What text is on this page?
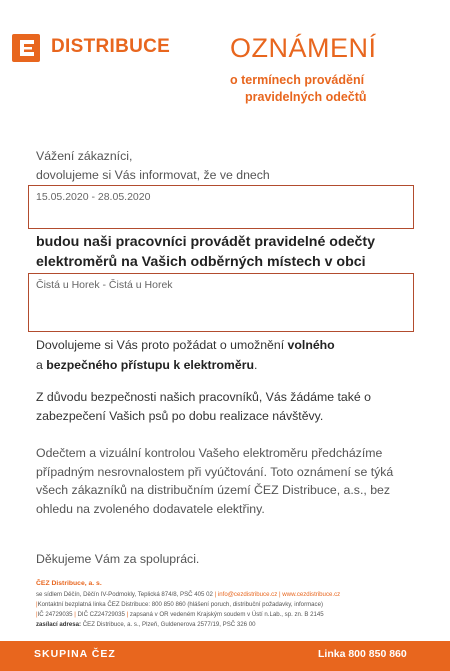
DISTRIBUCE OZNÁMENÍ
o termínech provádění
pravidelných odečtů
Vážení zákazníci,
dovolujeme si Vás informovat, že ve dnech
15.05.2020 - 28.05.2020
budou naši pracovníci provádět pravidelné odečty
elektroměrů na Vašich odběrných místech v obci
Čistá u Horek - Čistá u Horek
Dovolujeme si Vás proto požádat o umožnění volného
a bezpečného přístupu k elektroměru.
Z důvodu bezpečnosti našich pracovníků, Vás žádáme také o zabezpečení Vašich psů po dobu realizace návštěvy.
Odečtem a vizuální kontrolou Vašeho elektroměru předcházíme případným nesrovnalostem při vyúčtování. Toto oznámení se týká všech zákazníků na distribučním území ČEZ Distribuce, a.s., bez ohledu na zvoleného dodavatele elektřiny.
Děkujeme Vám za spolupráci.
ČEZ Distribuce, a. s.
se sídlem Děčín, Děčín IV-Podmokly, Teplická 874/8, PSČ 405 02 | info@cezdistribuce.cz | www.cezdistribuce.cz
|Kontaktní bezplatná linka ČEZ Distribuce: 800 850 860 (hlášení poruch, distribuční požadavky, informace)
|IČ 24729035 | DIČ CZ24729035 | zapsaná v OR vedeném Krajským soudem v Ústí n.Lab., sp. zn. B 2145
zasílací adresa: ČEZ Distribuce, a. s., Plzeň, Guldenerova 2577/19, PSČ 326 00
SKUPINA ČEZ	Linka 800 850 860
